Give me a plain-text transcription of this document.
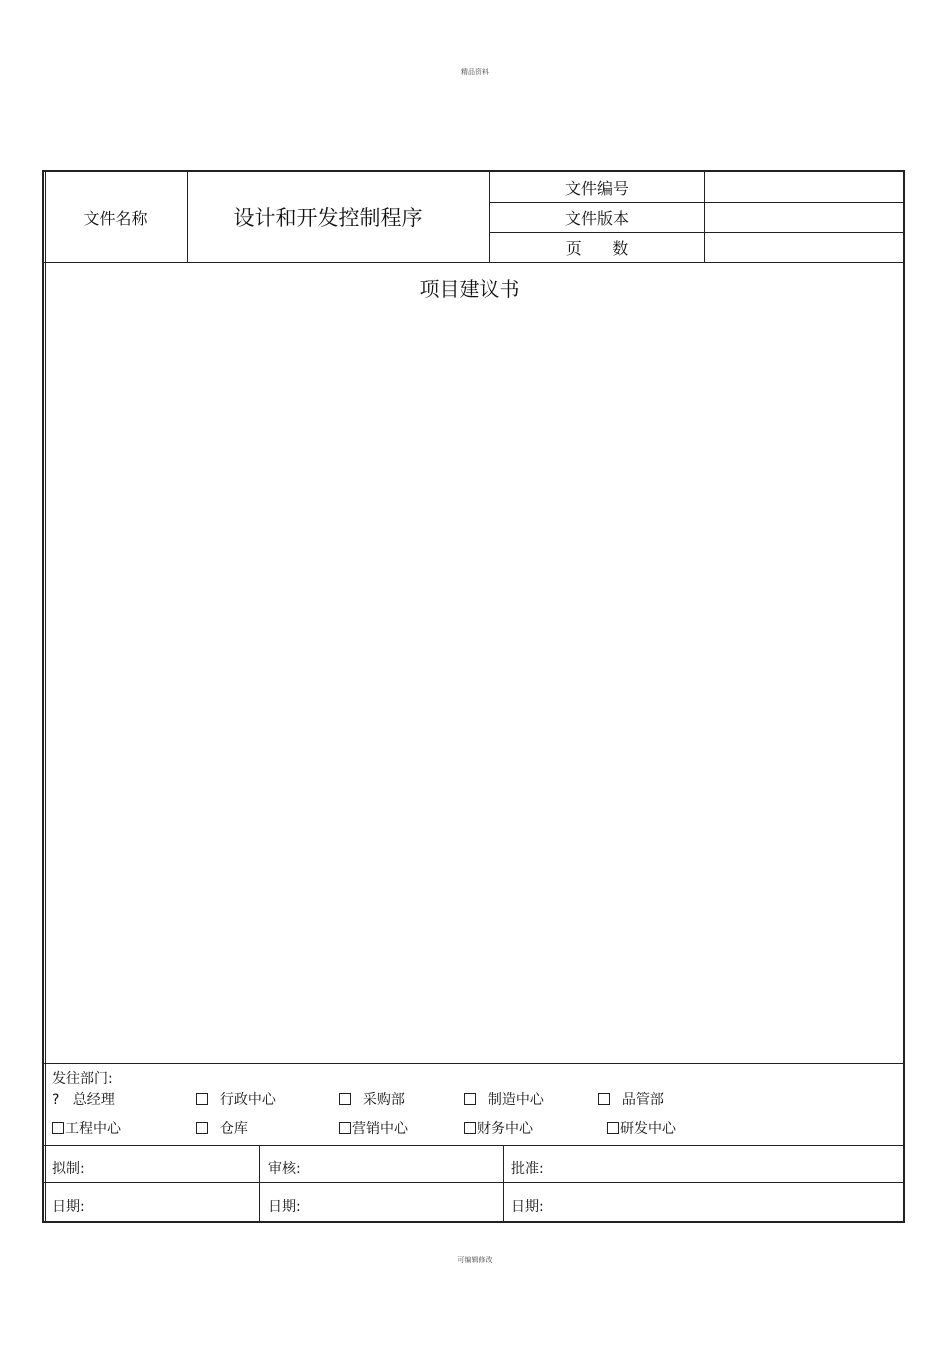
精品资料
文件名称	设计和开发控制程序
文件编号
文件版本
页      数
项目建议书
发往部门:
? 总经理	行政中心	采购部	制造中心	品管部
工程中心	仓库	营销中心	财务中心	研发中心
拟制:	审核:	批准:
日期:	日期:	日期:
可编辑修改
